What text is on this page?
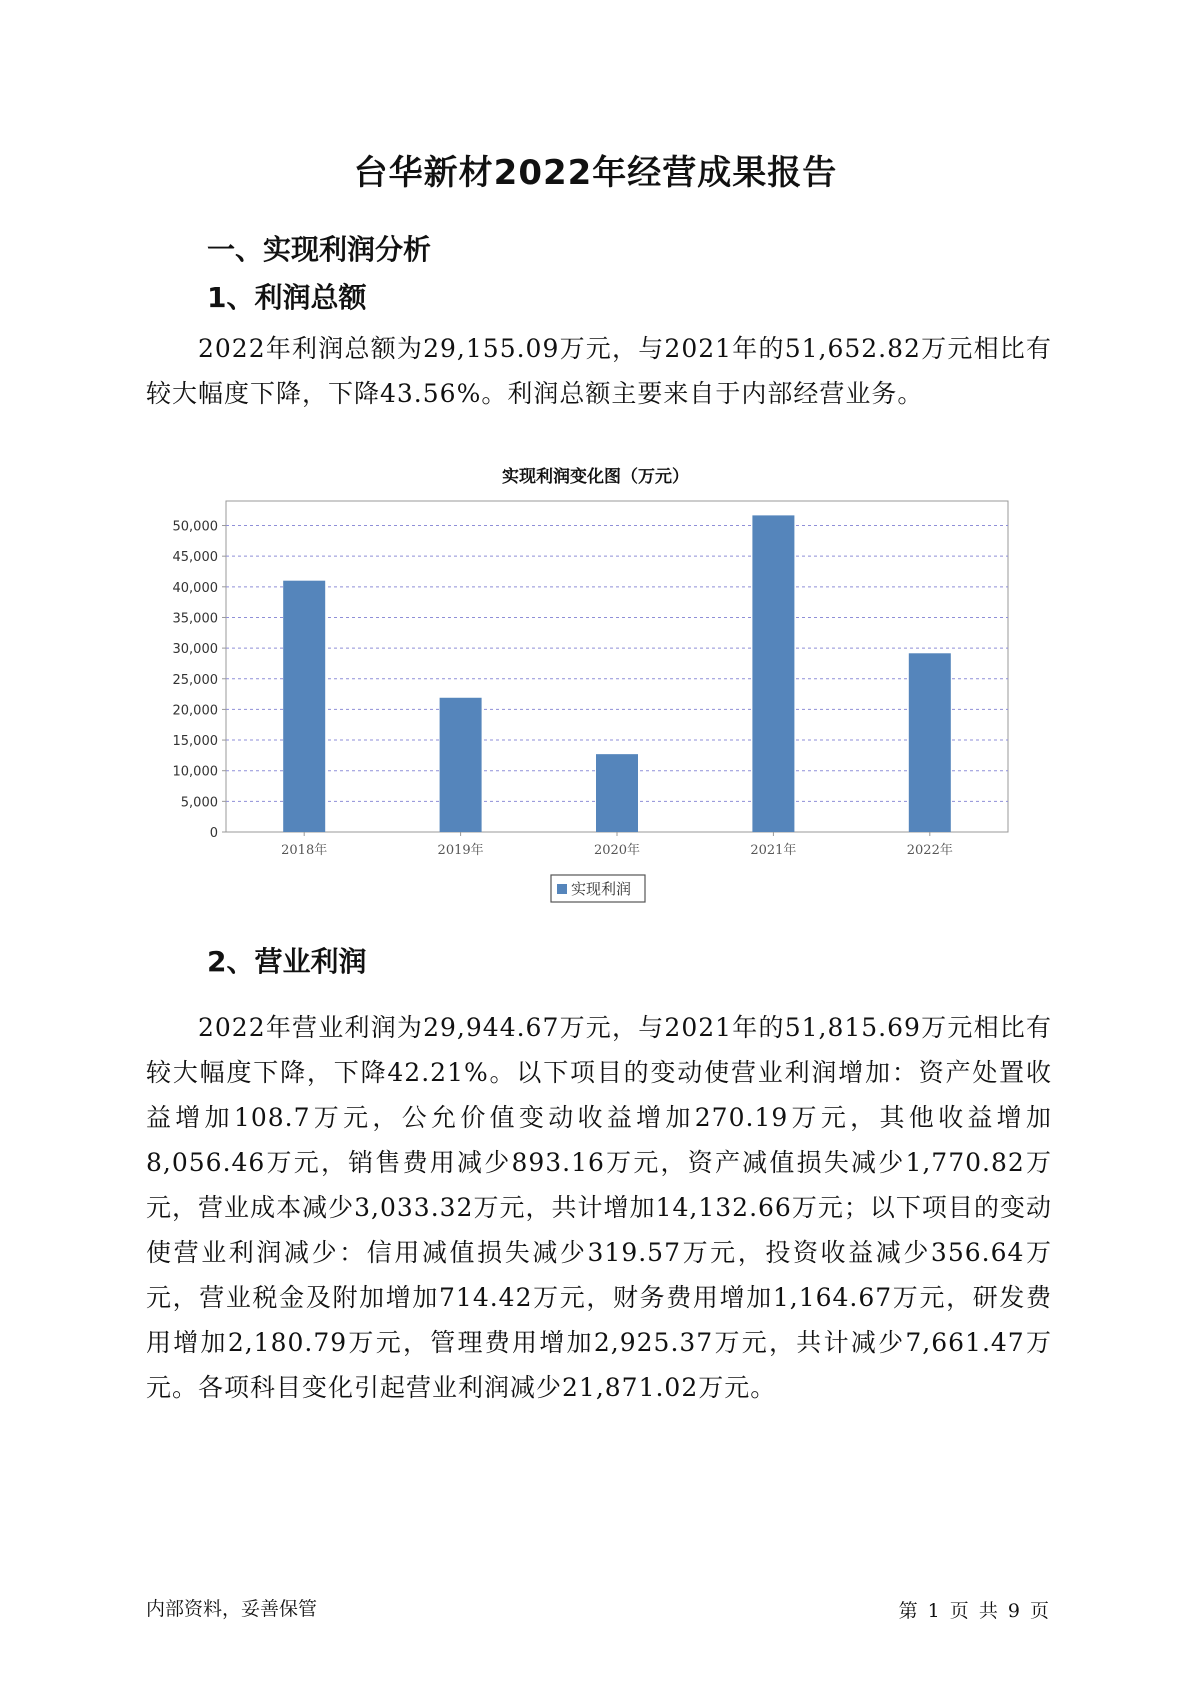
台华新材2022年经营成果报告
一、实现利润分析
1、利润总额
2022年利润总额为29,155.09万元，与2021年的51,652.82万元相比有较大幅度下降，下降43.56%。利润总额主要来自于内部经营业务。
实现利润变化图（万元）
0
5,000
10,000
15,000
20,000
25,000
30,000
35,000
40,000
45,000
50,000
2018年	2019年	2020年	2021年	2022年
实现利润
2、营业利润
2022年营业利润为29,944.67万元，与2021年的51,815.69万元相比有较大幅度下降，下降42.21%。以下项目的变动使营业利润增加：资产处置收益增加108.7万元，公允价值变动收益增加270.19万元，其他收益增加8,056.46万元，销售费用减少893.16万元，资产减值损失减少1,770.82万元，营业成本减少3,033.32万元，共计增加14,132.66万元；以下项目的变动使营业利润减少：信用减值损失减少319.57万元，投资收益减少356.64万元，营业税金及附加增加714.42万元，财务费用增加1,164.67万元，研发费用增加2,180.79万元，管理费用增加2,925.37万元，共计减少7,661.47万元。各项科目变化引起营业利润减少21,871.02万元。
内部资料，妥善保管	第 1 页 共 9 页
